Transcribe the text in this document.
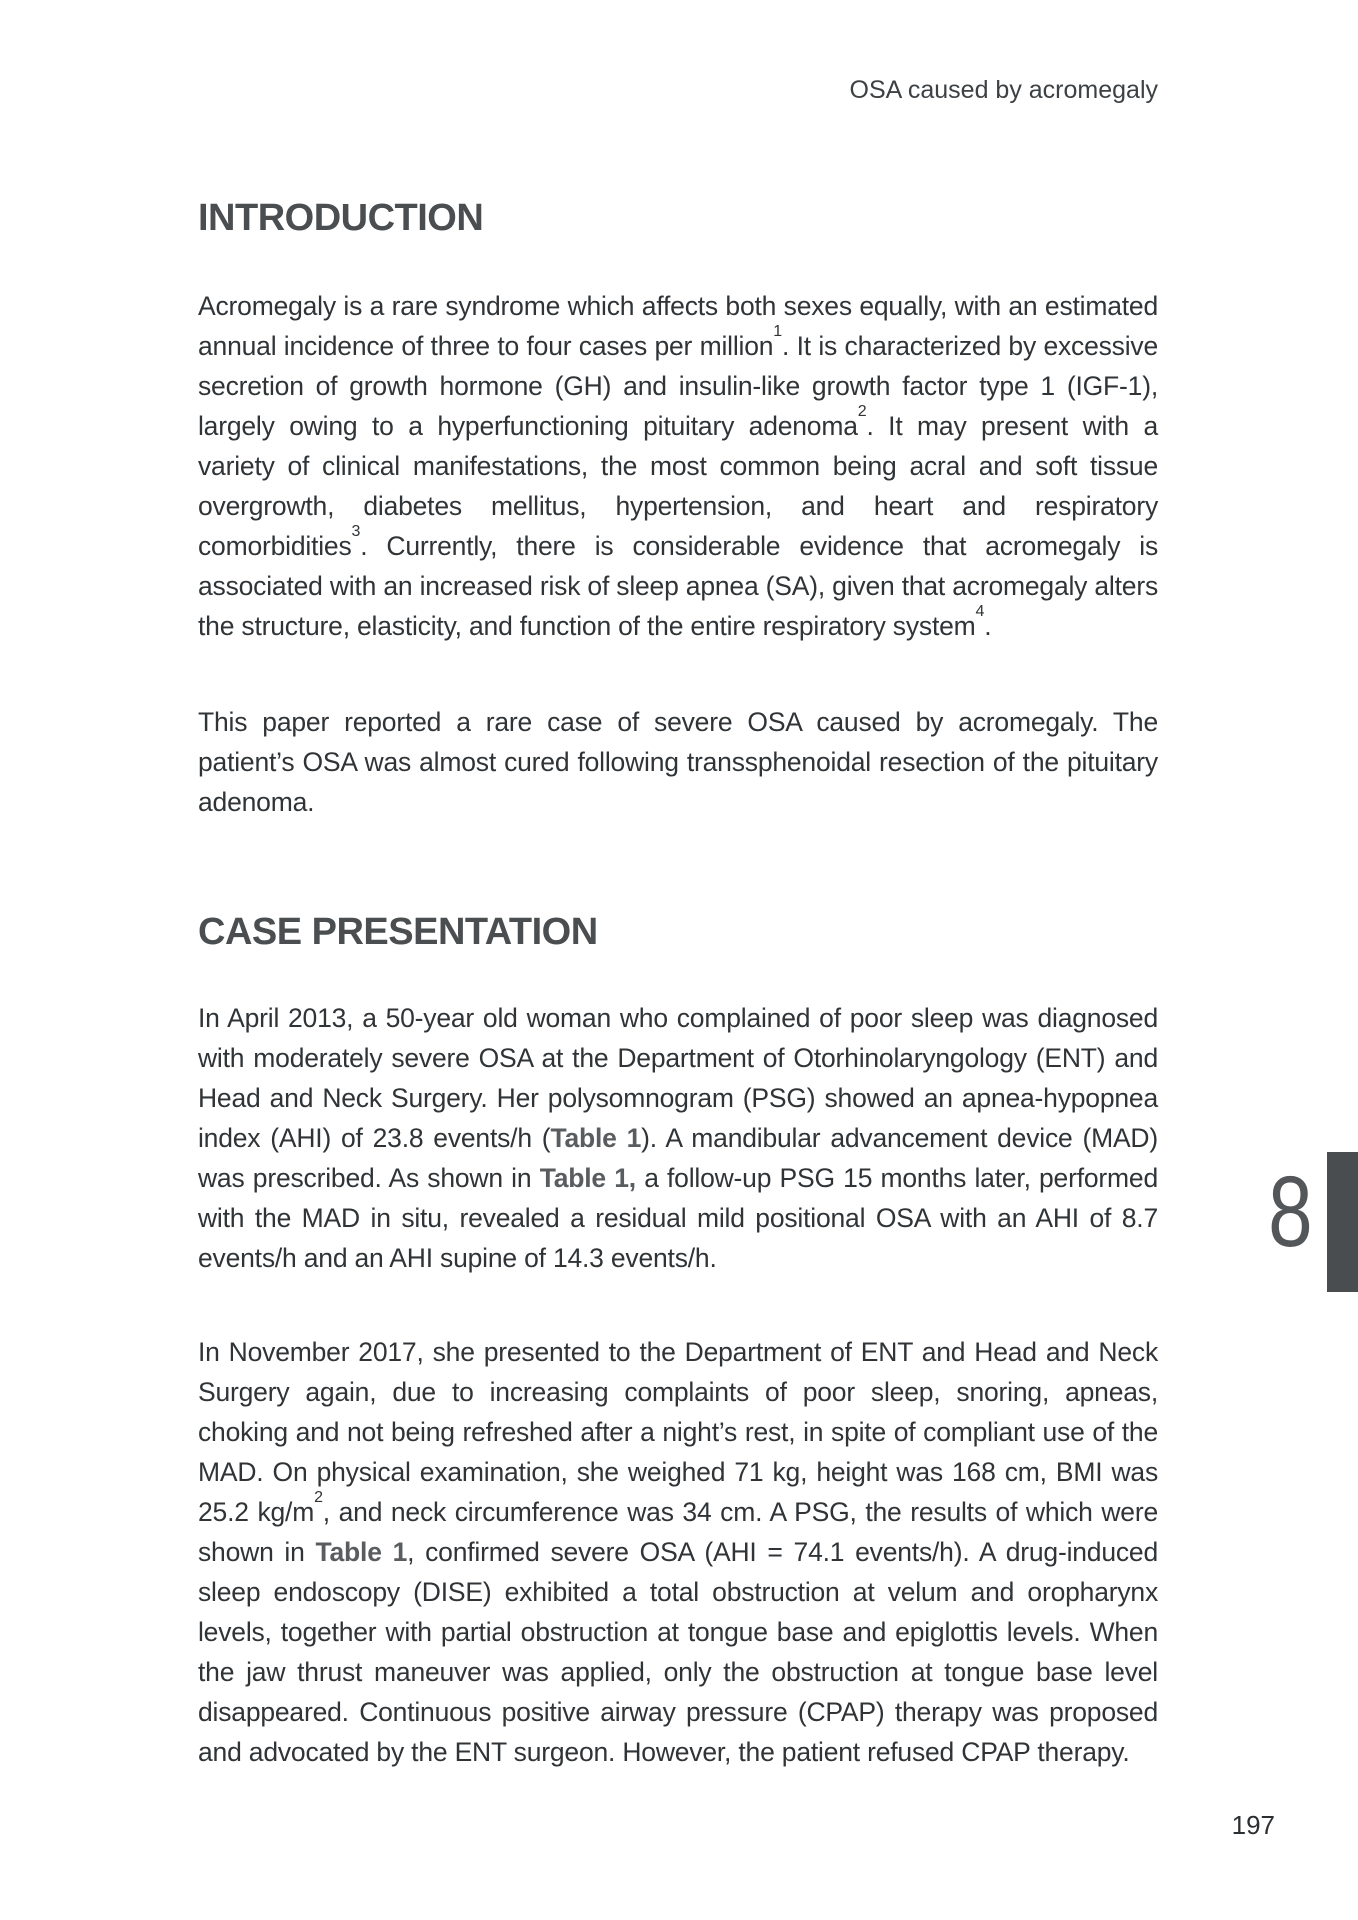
OSA caused by acromegaly
INTRODUCTION

Acromegaly is a rare syndrome which affects both sexes equally, with an estimated annual incidence of three to four cases per million$^1$. It is characterized by excessive secretion of growth hormone (GH) and insulin-like growth factor type 1 (IGF-1), largely owing to a hyperfunctioning pituitary adenoma$^2$. It may present with a variety of clinical manifestations, the most common being acral and soft tissue overgrowth, diabetes mellitus, hypertension, and heart and respiratory comorbidities$^3$. Currently, there is considerable evidence that acromegaly is associated with an increased risk of sleep apnea (SA), given that acromegaly alters the structure, elasticity, and function of the entire respiratory system$^4$.

This paper reported a rare case of severe OSA caused by acromegaly. The patient’s OSA was almost cured following transsphenoidal resection of the pituitary adenoma.

CASE PRESENTATION

In April 2013, a 50-year old woman who complained of poor sleep was diagnosed with moderately severe OSA at the Department of Otorhinolaryngology (ENT) and Head and Neck Surgery. Her polysomnogram (PSG) showed an apnea-hypopnea index (AHI) of 23.8 events/h (Table 1). A mandibular advancement device (MAD) was prescribed. As shown in Table 1, a follow-up PSG 15 months later, performed with the MAD in situ, revealed a residual mild positional OSA with an AHI of 8.7 events/h and an AHI supine of 14.3 events/h.

In November 2017, she presented to the Department of ENT and Head and Neck Surgery again, due to increasing complaints of poor sleep, snoring, apneas, choking and not being refreshed after a night’s rest, in spite of compliant use of the MAD. On physical examination, she weighed 71 kg, height was 168 cm, BMI was 25.2 kg/m$^2$, and neck circumference was 34 cm. A PSG, the results of which were shown in Table 1, confirmed severe OSA (AHI = 74.1 events/h). A drug-induced sleep endoscopy (DISE) exhibited a total obstruction at velum and oropharynx levels, together with partial obstruction at tongue base and epiglottis levels. When the jaw thrust maneuver was applied, only the obstruction at tongue base level disappeared. Continuous positive airway pressure (CPAP) therapy was proposed and advocated by the ENT surgeon. However, the patient refused CPAP therapy.

8
197
